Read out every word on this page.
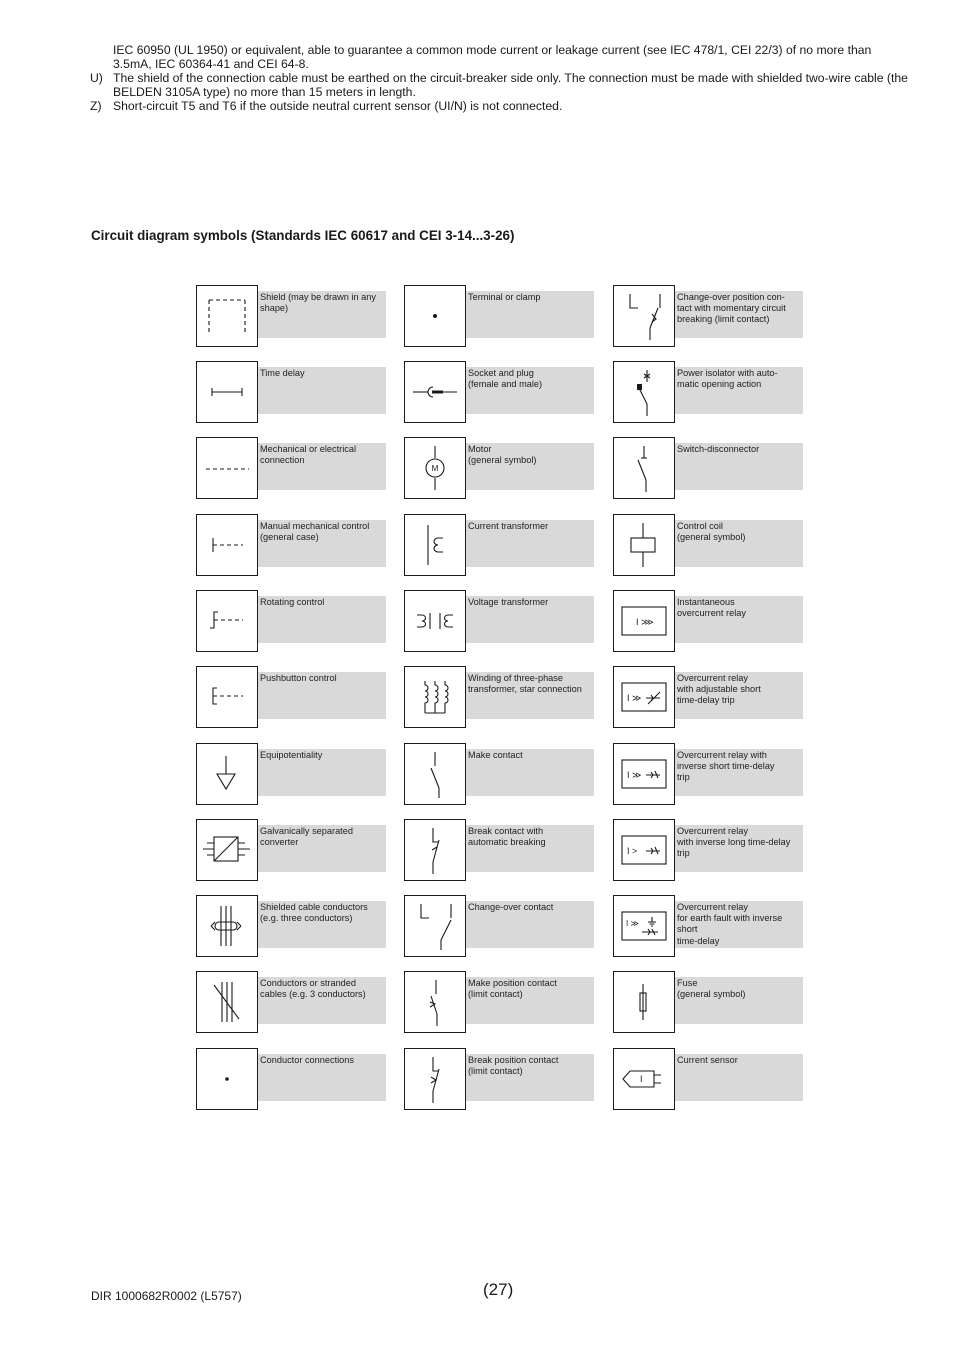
IEC 60950 (UL 1950) or equivalent, able to guarantee a common mode current or leakage current (see IEC 478/1, CEI 22/3) of no more than 3.5mA, IEC 60364-41 and CEI 64-8.
U) The shield of the connection cable must be earthed on the circuit-breaker side only. The connection must be made with shielded two-wire cable (the BELDEN 3105A type) no more than 15 meters in length.
Z) Short-circuit T5 and T6 if the outside neutral current sensor (UI/N) is not connected.
Circuit diagram symbols (Standards IEC 60617 and CEI 3-14...3-26)
Shield (may be drawn in any
shape)
Time delay
Mechanical or electrical
connection
Manual mechanical control
(general case)
Rotating control
Pushbutton control
Equipotentiality
Galvanically separated
converter
Shielded cable conductors
(e.g. three conductors)
Conductors or stranded
cables (e.g. 3 conductors)
Conductor connections
Terminal or clamp
Socket and plug
(female and male)
M
Motor
(general symbol)
Current transformer
Voltage transformer
Winding of three-phase
transformer, star connection
Make contact
Break contact with
automatic breaking
Change-over contact
Make position contact
(limit contact)
Break position contact
(limit contact)
Change-over position con-
tact with momentary circuit
breaking (limit contact)
Power isolator with auto-
matic opening action
Switch-disconnector
Control coil
(general symbol)
I ⋙
Instantaneous
overcurrent relay
I ≫
Overcurrent relay
with adjustable short
time-delay trip
I ≫
Overcurrent relay with
inverse short time-delay
trip
I >
Overcurrent relay
with inverse long time-delay
trip
I ≫
Overcurrent relay
for earth fault with inverse
short
time-delay
Fuse
(general symbol)
I
Current sensor
DIR 1000682R0002 (L5757)	(27)
